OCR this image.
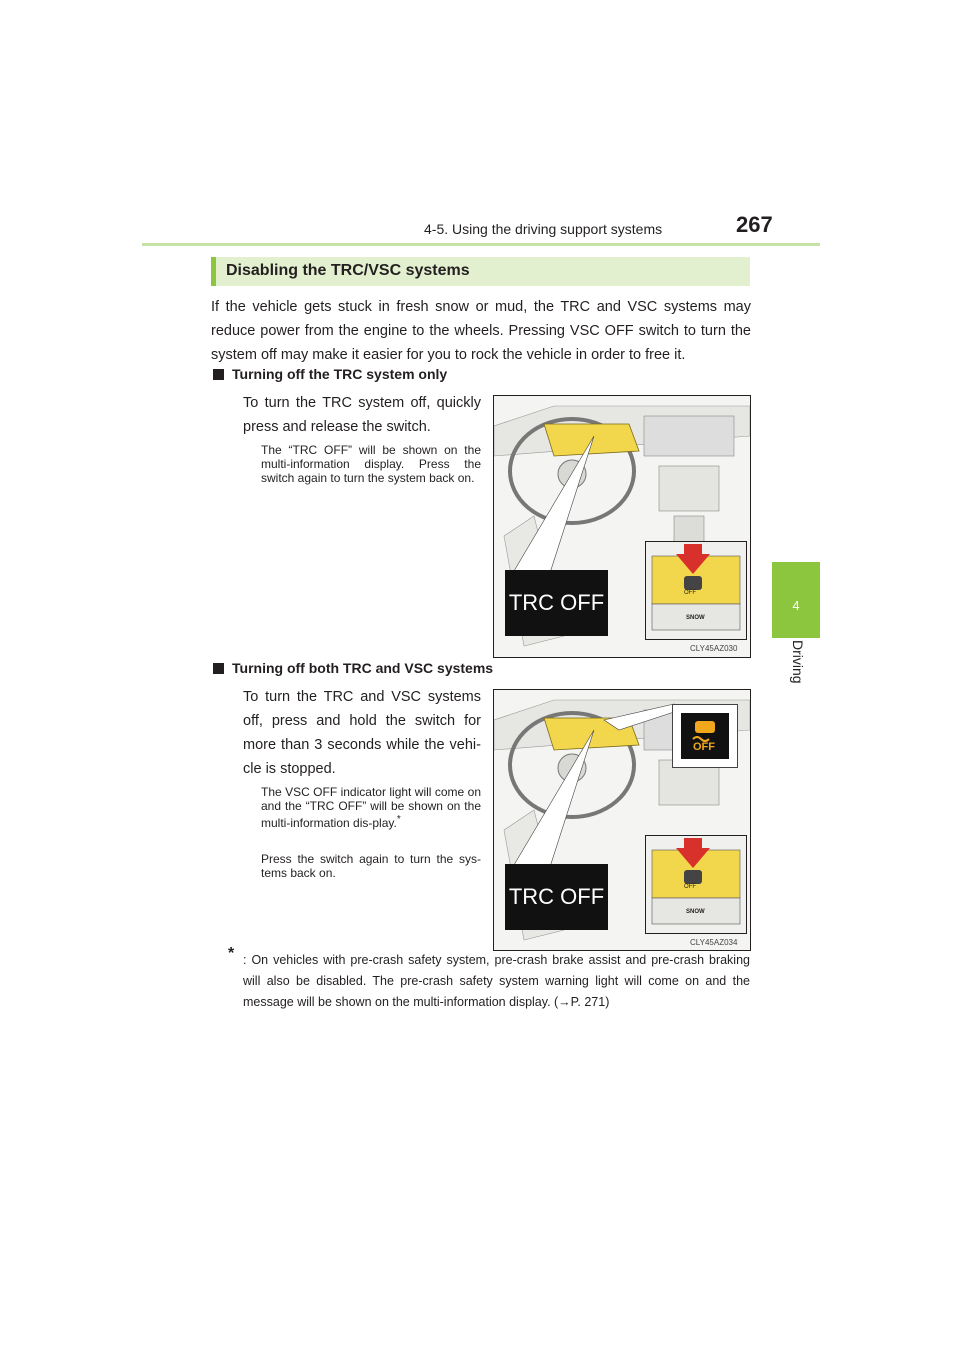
4-5. Using the driving support systems	267
4
Driving
Disabling the TRC/VSC systems
If the vehicle gets stuck in fresh snow or mud, the TRC and VSC systems may reduce power from the engine to the wheels. Pressing VSC OFF switch to turn the system off may make it easier for you to rock the vehicle in order to free it.
Turning off the TRC system only
To turn the TRC system off, quickly press and release the switch.
The “TRC OFF” will be shown on the multi-information display. Press the switch again to turn the system back on.
TRC OFF	OFF
SNOW
CLY45AZ030
Turning off both TRC and VSC systems
To turn the TRC and VSC systems off, press and hold the switch for more than 3 seconds while the vehi-cle is stopped.
The VSC OFF indicator light will come on and the “TRC OFF” will be shown on the multi-information dis-play.*
Press the switch again to turn the sys-tems back on.
OFF
TRC OFF	OFF
SNOW
CLY45AZ034
* : On vehicles with pre-crash safety system, pre-crash brake assist and pre-crash braking will also be disabled. The pre-crash safety system warning light will come on and the message will be shown on the multi-information display. (→P. 271)
